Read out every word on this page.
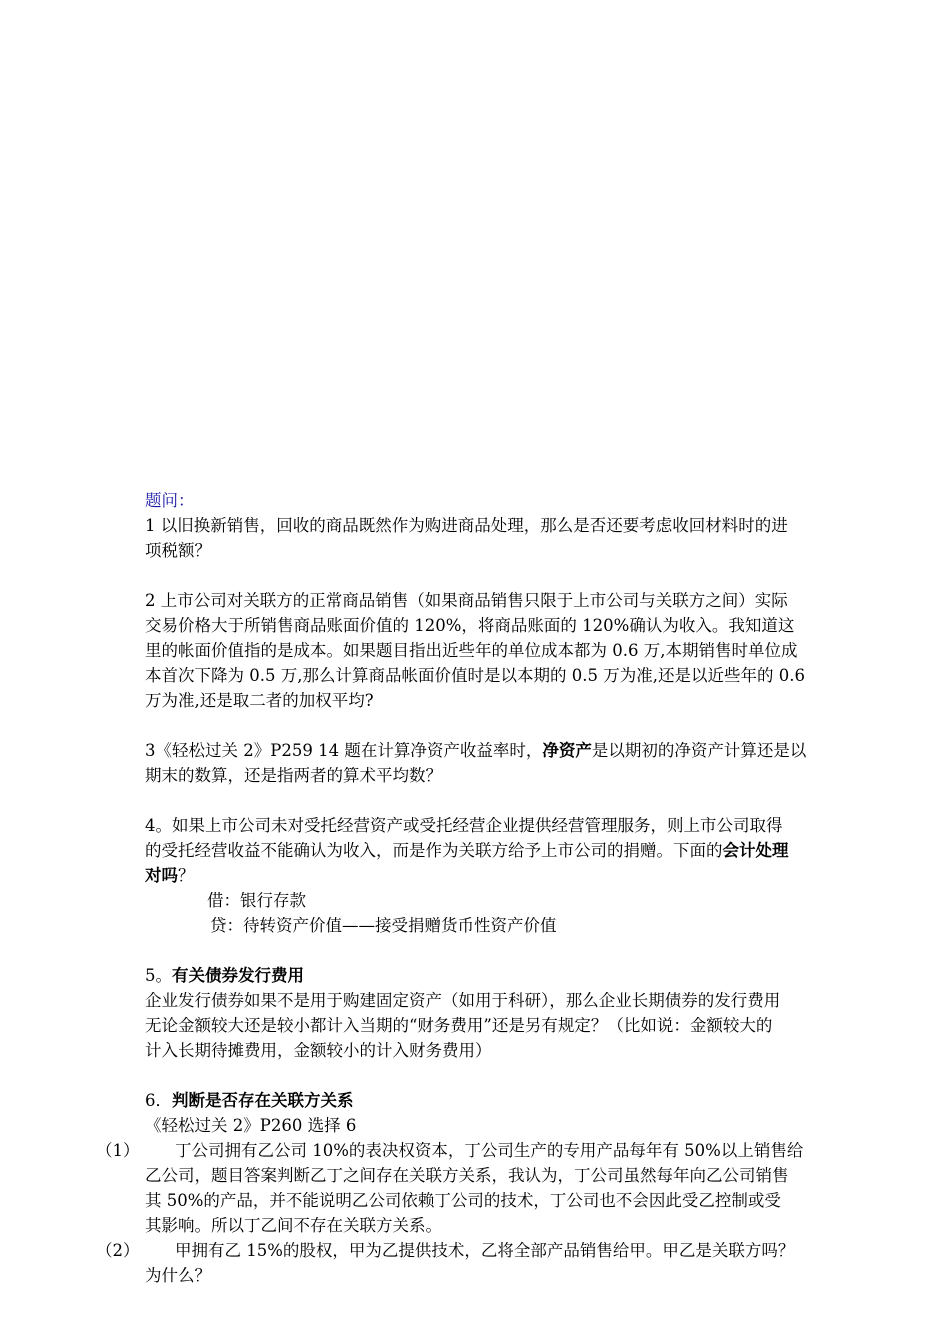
题问：
1 以旧换新销售，回收的商品既然作为购进商品处理，那么是否还要考虑收回材料时的进
项税额？
2 上市公司对关联方的正常商品销售（如果商品销售只限于上市公司与关联方之间）实际
交易价格大于所销售商品账面价值的 120%，将商品账面的 120%确认为收入。我知道这
里的帐面价值指的是成本。如果题目指出近些年的单位成本都为 0.6 万,本期销售时单位成
本首次下降为 0.5 万,那么计算商品帐面价值时是以本期的 0.5 万为准,还是以近些年的 0.6
万为准,还是取二者的加权平均?
3《轻松过关 2》P259 14 题在计算净资产收益率时，净资产是以期初的净资产计算还是以
期末的数算，还是指两者的算术平均数？
4。如果上市公司未对受托经营资产或受托经营企业提供经营管理服务，则上市公司取得
的受托经营收益不能确认为收入，而是作为关联方给予上市公司的捐赠。下面的会计处理
对吗？
借：银行存款
贷：待转资产价值——接受捐赠货币性资产价值
5。有关债券发行费用
企业发行债券如果不是用于购建固定资产（如用于科研），那么企业长期债券的发行费用
无论金额较大还是较小都计入当期的“财务费用”还是另有规定？（比如说：金额较大的
计入长期待摊费用，金额较小的计入财务费用）
6．判断是否存在关联方关系
《轻松过关 2》P260 选择 6
（1） 丁公司拥有乙公司 10%的表决权资本，丁公司生产的专用产品每年有 50%以上销售给
乙公司，题目答案判断乙丁之间存在关联方关系，我认为，丁公司虽然每年向乙公司销售
其 50%的产品，并不能说明乙公司依赖丁公司的技术，丁公司也不会因此受乙控制或受
其影响。所以丁乙间不存在关联方关系。
（2） 甲拥有乙 15%的股权，甲为乙提供技术，乙将全部产品销售给甲。甲乙是关联方吗？
为什么？
